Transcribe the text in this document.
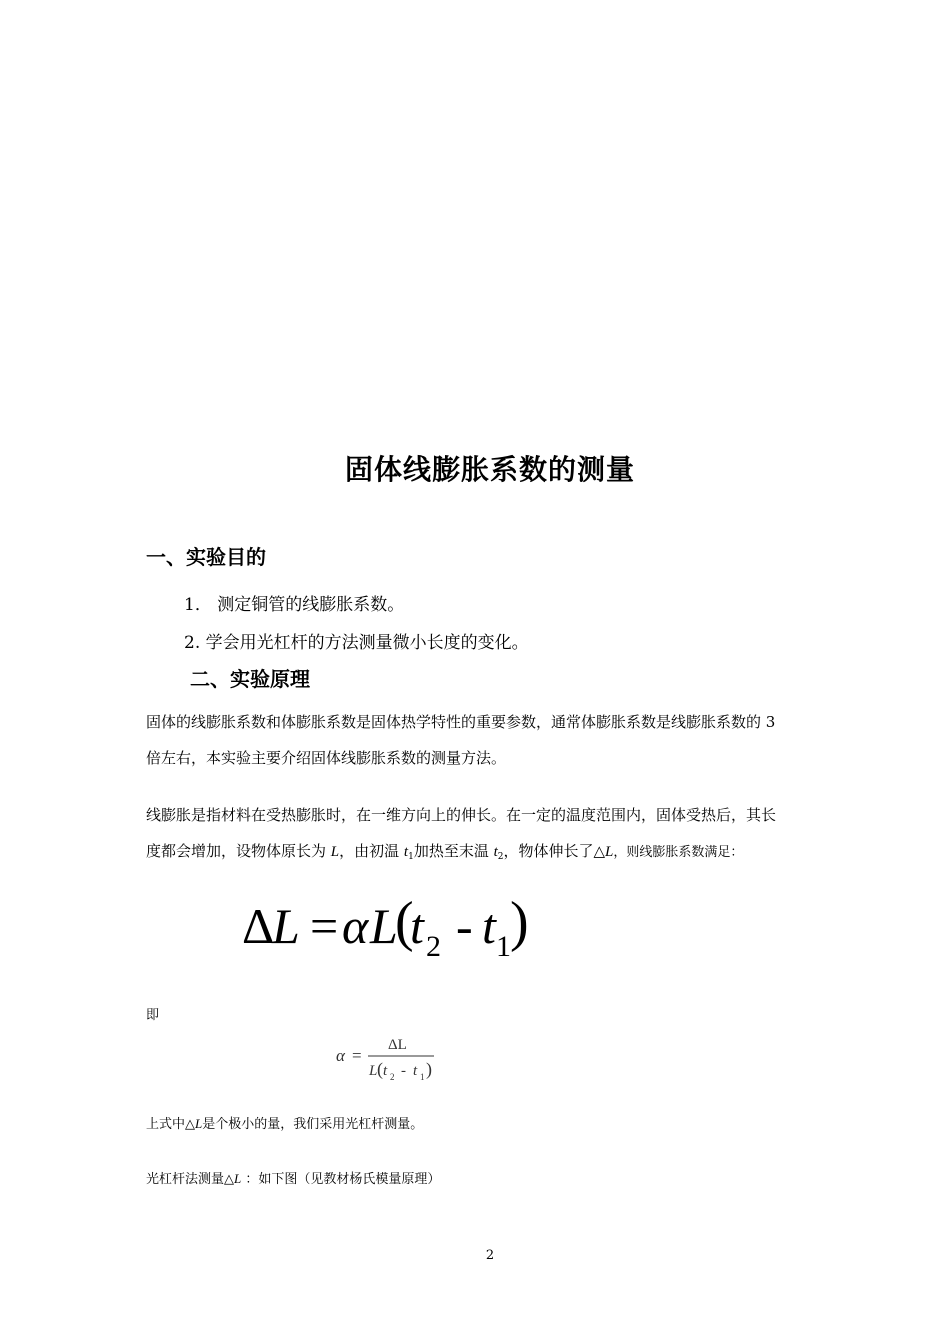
固体线膨胀系数的测量
一、实验目的
1． 测定铜管的线膨胀系数。
2. 学会用光杠杆的方法测量微小长度的变化。
二、实验原理
固体的线膨胀系数和体膨胀系数是固体热学特性的重要参数，通常体膨胀系数是线膨胀系数的 3
倍左右，本实验主要介绍固体线膨胀系数的测量方法。
线膨胀是指材料在受热膨胀时，在一维方向上的伸长。在一定的温度范围内，固体受热后，其长
度都会增加，设物体原长为 L，由初温 $t_1$加热至末温 $t_2$，物体伸长了△L，则线膨胀系数满足：
Δ
L = α L
(
t 2 - t 1 )
即
α =
ΔL
L ( t 2 - t 1 )
上式中△L是个极小的量，我们采用光杠杆测量。
光杠杆法测量△L ：如下图（见教材杨氏模量原理）
2
